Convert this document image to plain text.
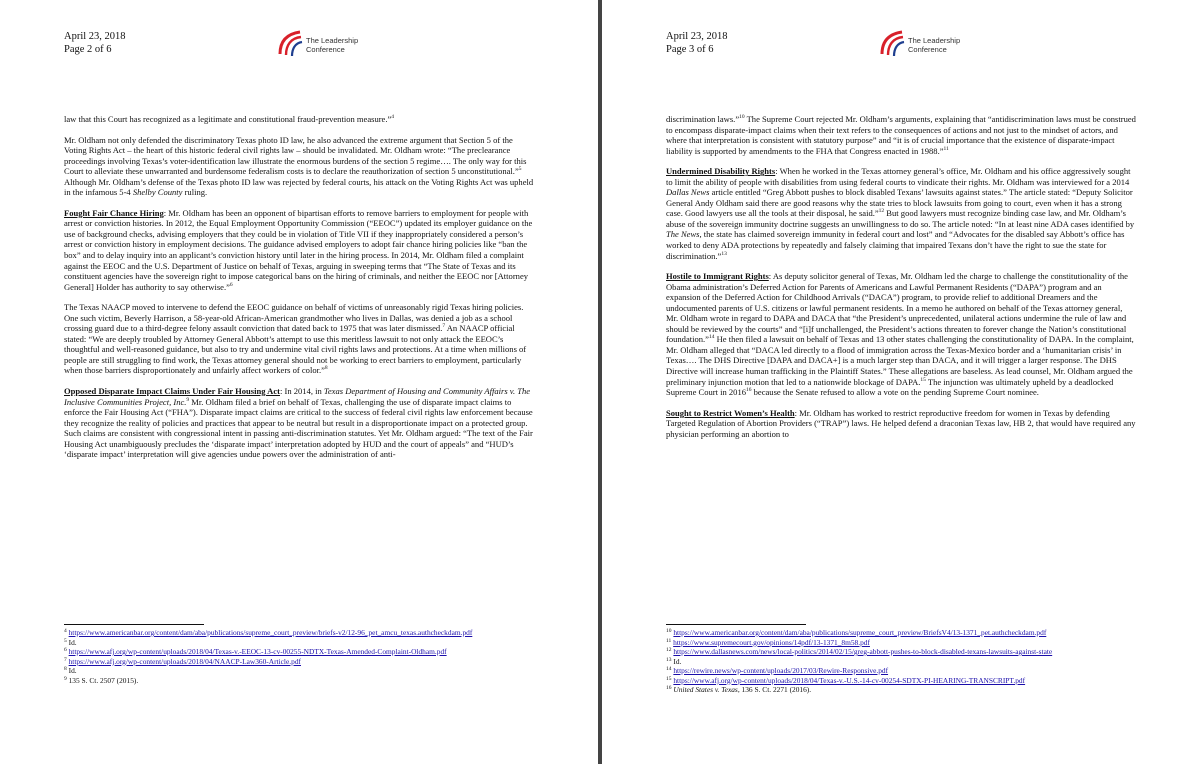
April 23, 2018
Page 2 of 6
The Leadership
Conference

law that this Court has recognized as a legitimate and constitutional fraud-prevention measure.”$^4$

Mr. Oldham not only defended the discriminatory Texas photo ID law, he also advanced the extreme argument that Section 5 of the Voting Rights Act – the heart of this historic federal civil rights law – should be invalidated. Mr. Oldham wrote: “The preclearance proceedings involving Texas’s voter-identification law illustrate the enormous burdens of the section 5 regime…. The only way for this Court to alleviate these unwarranted and burdensome federalism costs is to declare the reauthorization of section 5 unconstitutional.”$^5$ Although Mr. Oldham’s defense of the Texas photo ID law was rejected by federal courts, his attack on the Voting Rights Act was upheld in the infamous 5-4 Shelby County ruling.

Fought Fair Chance Hiring: Mr. Oldham has been an opponent of bipartisan efforts to remove barriers to employment for people with arrest or conviction histories. In 2012, the Equal Employment Opportunity Commission (“EEOC”) updated its employer guidance on the use of background checks, advising employers that they could be in violation of Title VII if they inappropriately considered a person’s arrest or conviction history in employment decisions. The guidance advised employers to adopt fair chance hiring policies like “ban the box” and to delay inquiry into an applicant’s conviction history until later in the hiring process. In 2014, Mr. Oldham filed a complaint against the EEOC and the U.S. Department of Justice on behalf of Texas, arguing in sweeping terms that “The State of Texas and its constituent agencies have the sovereign right to impose categorical bans on the hiring of criminals, and neither the EEOC nor [Attorney General] Holder has authority to say otherwise.”$^6$

The Texas NAACP moved to intervene to defend the EEOC guidance on behalf of victims of unreasonably rigid Texas hiring policies. One such victim, Beverly Harrison, a 58-year-old African-American grandmother who lives in Dallas, was denied a job as a school crossing guard due to a third-degree felony assault conviction that dated back to 1975 that was later dismissed.$^7$ An NAACP official stated: “We are deeply troubled by Attorney General Abbott’s attempt to use this meritless lawsuit to not only attack the EEOC’s thoughtful and well-reasoned guidance, but also to try and undermine vital civil rights laws and protections. At a time when millions of people are still struggling to find work, the Texas attorney general should not be working to erect barriers to employment, particularly when those barriers disproportionately and unfairly affect workers of color.”$^8$

Opposed Disparate Impact Claims Under Fair Housing Act: In 2014, in Texas Department of Housing and Community Affairs v. The Inclusive Communities Project, Inc.$^9$ Mr. Oldham filed a brief on behalf of Texas, challenging the use of disparate impact claims to enforce the Fair Housing Act (“FHA”). Disparate impact claims are critical to the success of federal civil rights law enforcement because they recognize the reality of policies and practices that appear to be neutral but result in a disproportionate impact on a protected group. Such claims are consistent with congressional intent in passing anti-discrimination statutes. Yet Mr. Oldham argued: “The text of the Fair Housing Act unambiguously precludes the ‘disparate impact’ interpretation adopted by HUD and the court of appeals” and “HUD’s ‘disparate impact’ interpretation will give agencies undue powers over the administration of anti-

$^4$ https://www.americanbar.org/content/dam/aba/publications/supreme_court_preview/briefs-v2/12-96_pet_amcu_texas.authcheckdam.pdf
$^5$ Id.
$^6$ https://www.afj.org/wp-content/uploads/2018/04/Texas-v.-EEOC-13-cv-00255-NDTX-Texas-Amended-Complaint-Oldham.pdf
$^7$ https://www.afj.org/wp-content/uploads/2018/04/NAACP-Law360-Article.pdf
$^8$ Id.
$^9$ 135 S. Ct. 2507 (2015).
April 23, 2018
Page 3 of 6
The Leadership
Conference

discrimination laws.”$^{10}$ The Supreme Court rejected Mr. Oldham’s arguments, explaining that “antidiscrimination laws must be construed to encompass disparate-impact claims when their text refers to the consequences of actions and not just to the mindset of actors, and where that interpretation is consistent with statutory purpose” and “it is of crucial importance that the existence of disparate-impact liability is supported by amendments to the FHA that Congress enacted in 1988.”$^{11}$

Undermined Disability Rights: When he worked in the Texas attorney general’s office, Mr. Oldham and his office aggressively sought to limit the ability of people with disabilities from using federal courts to vindicate their rights. Mr. Oldham was interviewed for a 2014 Dallas News article entitled “Greg Abbott pushes to block disabled Texans’ lawsuits against states.” The article stated: “Deputy Solicitor General Andy Oldham said there are good reasons why the state tries to block lawsuits from going to court, even when it has a strong case. Good lawyers use all the tools at their disposal, he said.”$^{12}$ But good lawyers must recognize binding case law, and Mr. Oldham’s abuse of the sovereign immunity doctrine suggests an unwillingness to do so. The article noted: “In at least nine ADA cases identified by The News, the state has claimed sovereign immunity in federal court and lost” and “Advocates for the disabled say Abbott’s office has worked to deny ADA protections by repeatedly and falsely claiming that impaired Texans don’t have the right to sue the state for discrimination.”$^{13}$

Hostile to Immigrant Rights: As deputy solicitor general of Texas, Mr. Oldham led the charge to challenge the constitutionality of the Obama administration’s Deferred Action for Parents of Americans and Lawful Permanent Residents (“DAPA”) program and an expansion of the Deferred Action for Childhood Arrivals (“DACA”) program, to provide relief to additional Dreamers and the undocumented parents of U.S. citizens or lawful permanent residents. In a memo he authored on behalf of the Texas attorney general, Mr. Oldham wrote in regard to DAPA and DACA that “the President’s unprecedented, unilateral actions undermine the rule of law and should be reviewed by the courts” and “[i]f unchallenged, the President’s actions threaten to forever change the Nation’s constitutional foundation.”$^{14}$ He then filed a lawsuit on behalf of Texas and 13 other states challenging the constitutionality of DAPA. In the complaint, Mr. Oldham alleged that “DACA led directly to a flood of immigration across the Texas-Mexico border and a ‘humanitarian crisis’ in Texas…. The DHS Directive [DAPA and DACA+] is a much larger step than DACA, and it will trigger a larger response. The DHS Directive will increase human trafficking in the Plaintiff States.” These allegations are baseless. As lead counsel, Mr. Oldham argued the preliminary injunction motion that led to a nationwide blockage of DAPA.$^{15}$ The injunction was ultimately upheld by a deadlocked Supreme Court in 2016$^{16}$ because the Senate refused to allow a vote on the pending Supreme Court nominee.

Sought to Restrict Women’s Health: Mr. Oldham has worked to restrict reproductive freedom for women in Texas by defending Targeted Regulation of Abortion Providers (“TRAP”) laws. He helped defend a draconian Texas law, HB 2, that would have required any physician performing an abortion to

$^{10}$ https://www.americanbar.org/content/dam/aba/publications/supreme_court_preview/BriefsV4/13-1371_pet.authcheckdam.pdf
$^{11}$ https://www.supremecourt.gov/opinions/14pdf/13-1371_8m58.pdf
$^{12}$ https://www.dallasnews.com/news/local-politics/2014/02/15/greg-abbott-pushes-to-block-disabled-texans-lawsuits-against-state
$^{13}$ Id.
$^{14}$ https://rewire.news/wp-content/uploads/2017/03/Rewire-Responsive.pdf
$^{15}$ https://www.afj.org/wp-content/uploads/2018/04/Texas-v.-U.S.-14-cv-00254-SDTX-PI-HEARING-TRANSCRIPT.pdf
$^{16}$ United States v. Texas, 136 S. Ct. 2271 (2016).
